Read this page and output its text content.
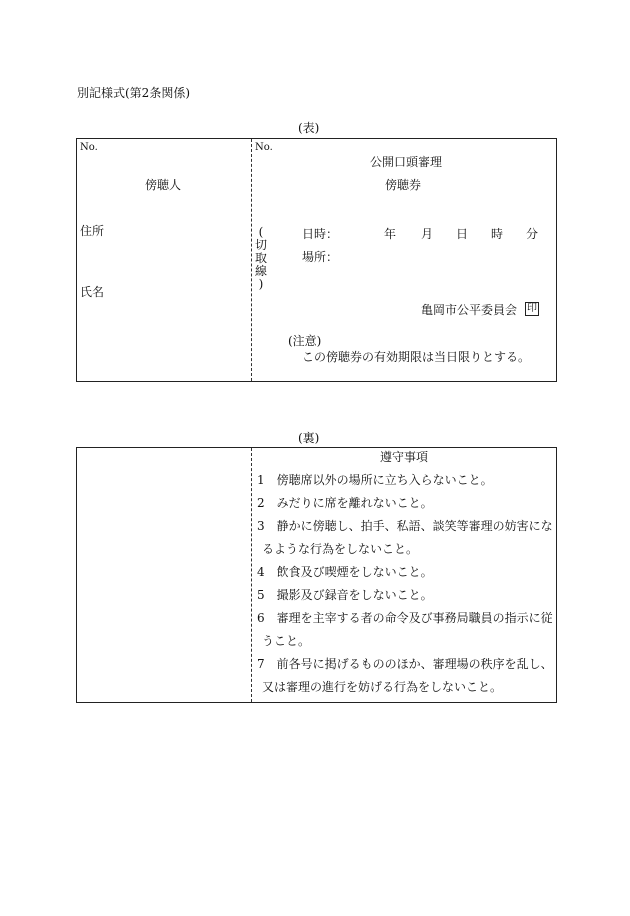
別記様式(第2条関係)
(表)
No.
傍聴人
住所
氏名
(
切
取
線
)
No.
公開口頭審理
傍聴券
日時：	年 月 日 時 分
場所：
亀岡市公平委員会 印
(注意)
この傍聴券の有効期限は当日限りとする。
(裏)
遵守事項
1　傍聴席以外の場所に立ち入らないこと。
2　みだりに席を離れないこと。
3　静かに傍聴し、拍手、私語、談笑等審理の妨害にな
るような行為をしないこと。
4　飲食及び喫煙をしないこと。
5　撮影及び録音をしないこと。
6　審理を主宰する者の命令及び事務局職員の指示に従
うこと。
7　前各号に掲げるもののほか、審理場の秩序を乱し、
又は審理の進行を妨げる行為をしないこと。
